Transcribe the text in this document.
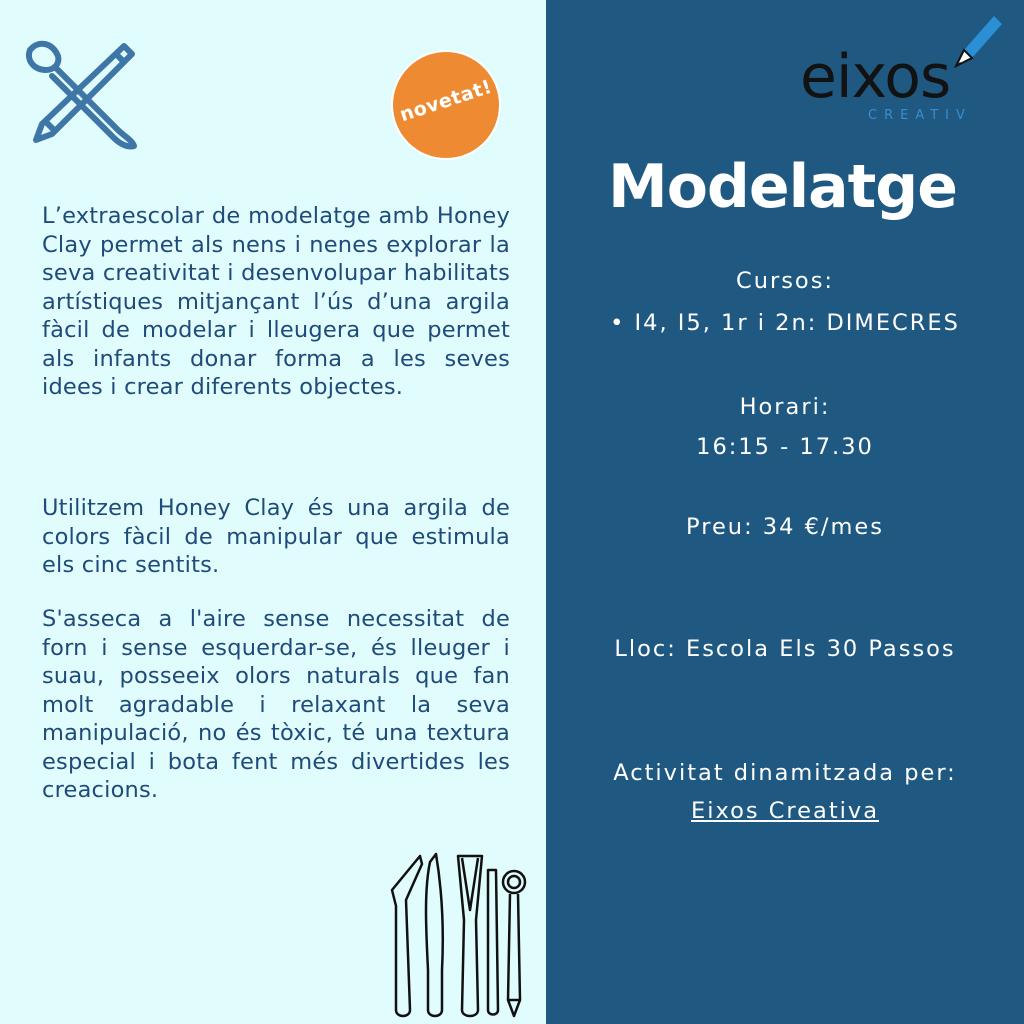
novetat!
L’extraescolar de modelatge amb Honey Clay permet als nens i nenes explorar la seva creativitat i desenvolupar habilitats artístiques mitjançant l’ús d’una argila fàcil de modelar i lleugera que permet als infants donar forma a les seves idees i crear diferents objectes.
Utilitzem Honey Clay és una argila de colors fàcil de manipular que estimula els cinc sentits.
S'asseca a l'aire sense necessitat de forn i sense esquerdar-se, és lleuger i suau, posseeix olors naturals que fan molt agradable i relaxant la seva manipulació, no és tòxic, té una textura especial i bota fent més divertides les creacions.
eixos
CREATIV
Modelatge
Cursos:
• I4, I5, 1r i 2n: DIMECRES
Horari:
16:15 - 17.30
Preu: 34 €/mes
Lloc: Escola Els 30 Passos
Activitat dinamitzada per:
Eixos Creativa
